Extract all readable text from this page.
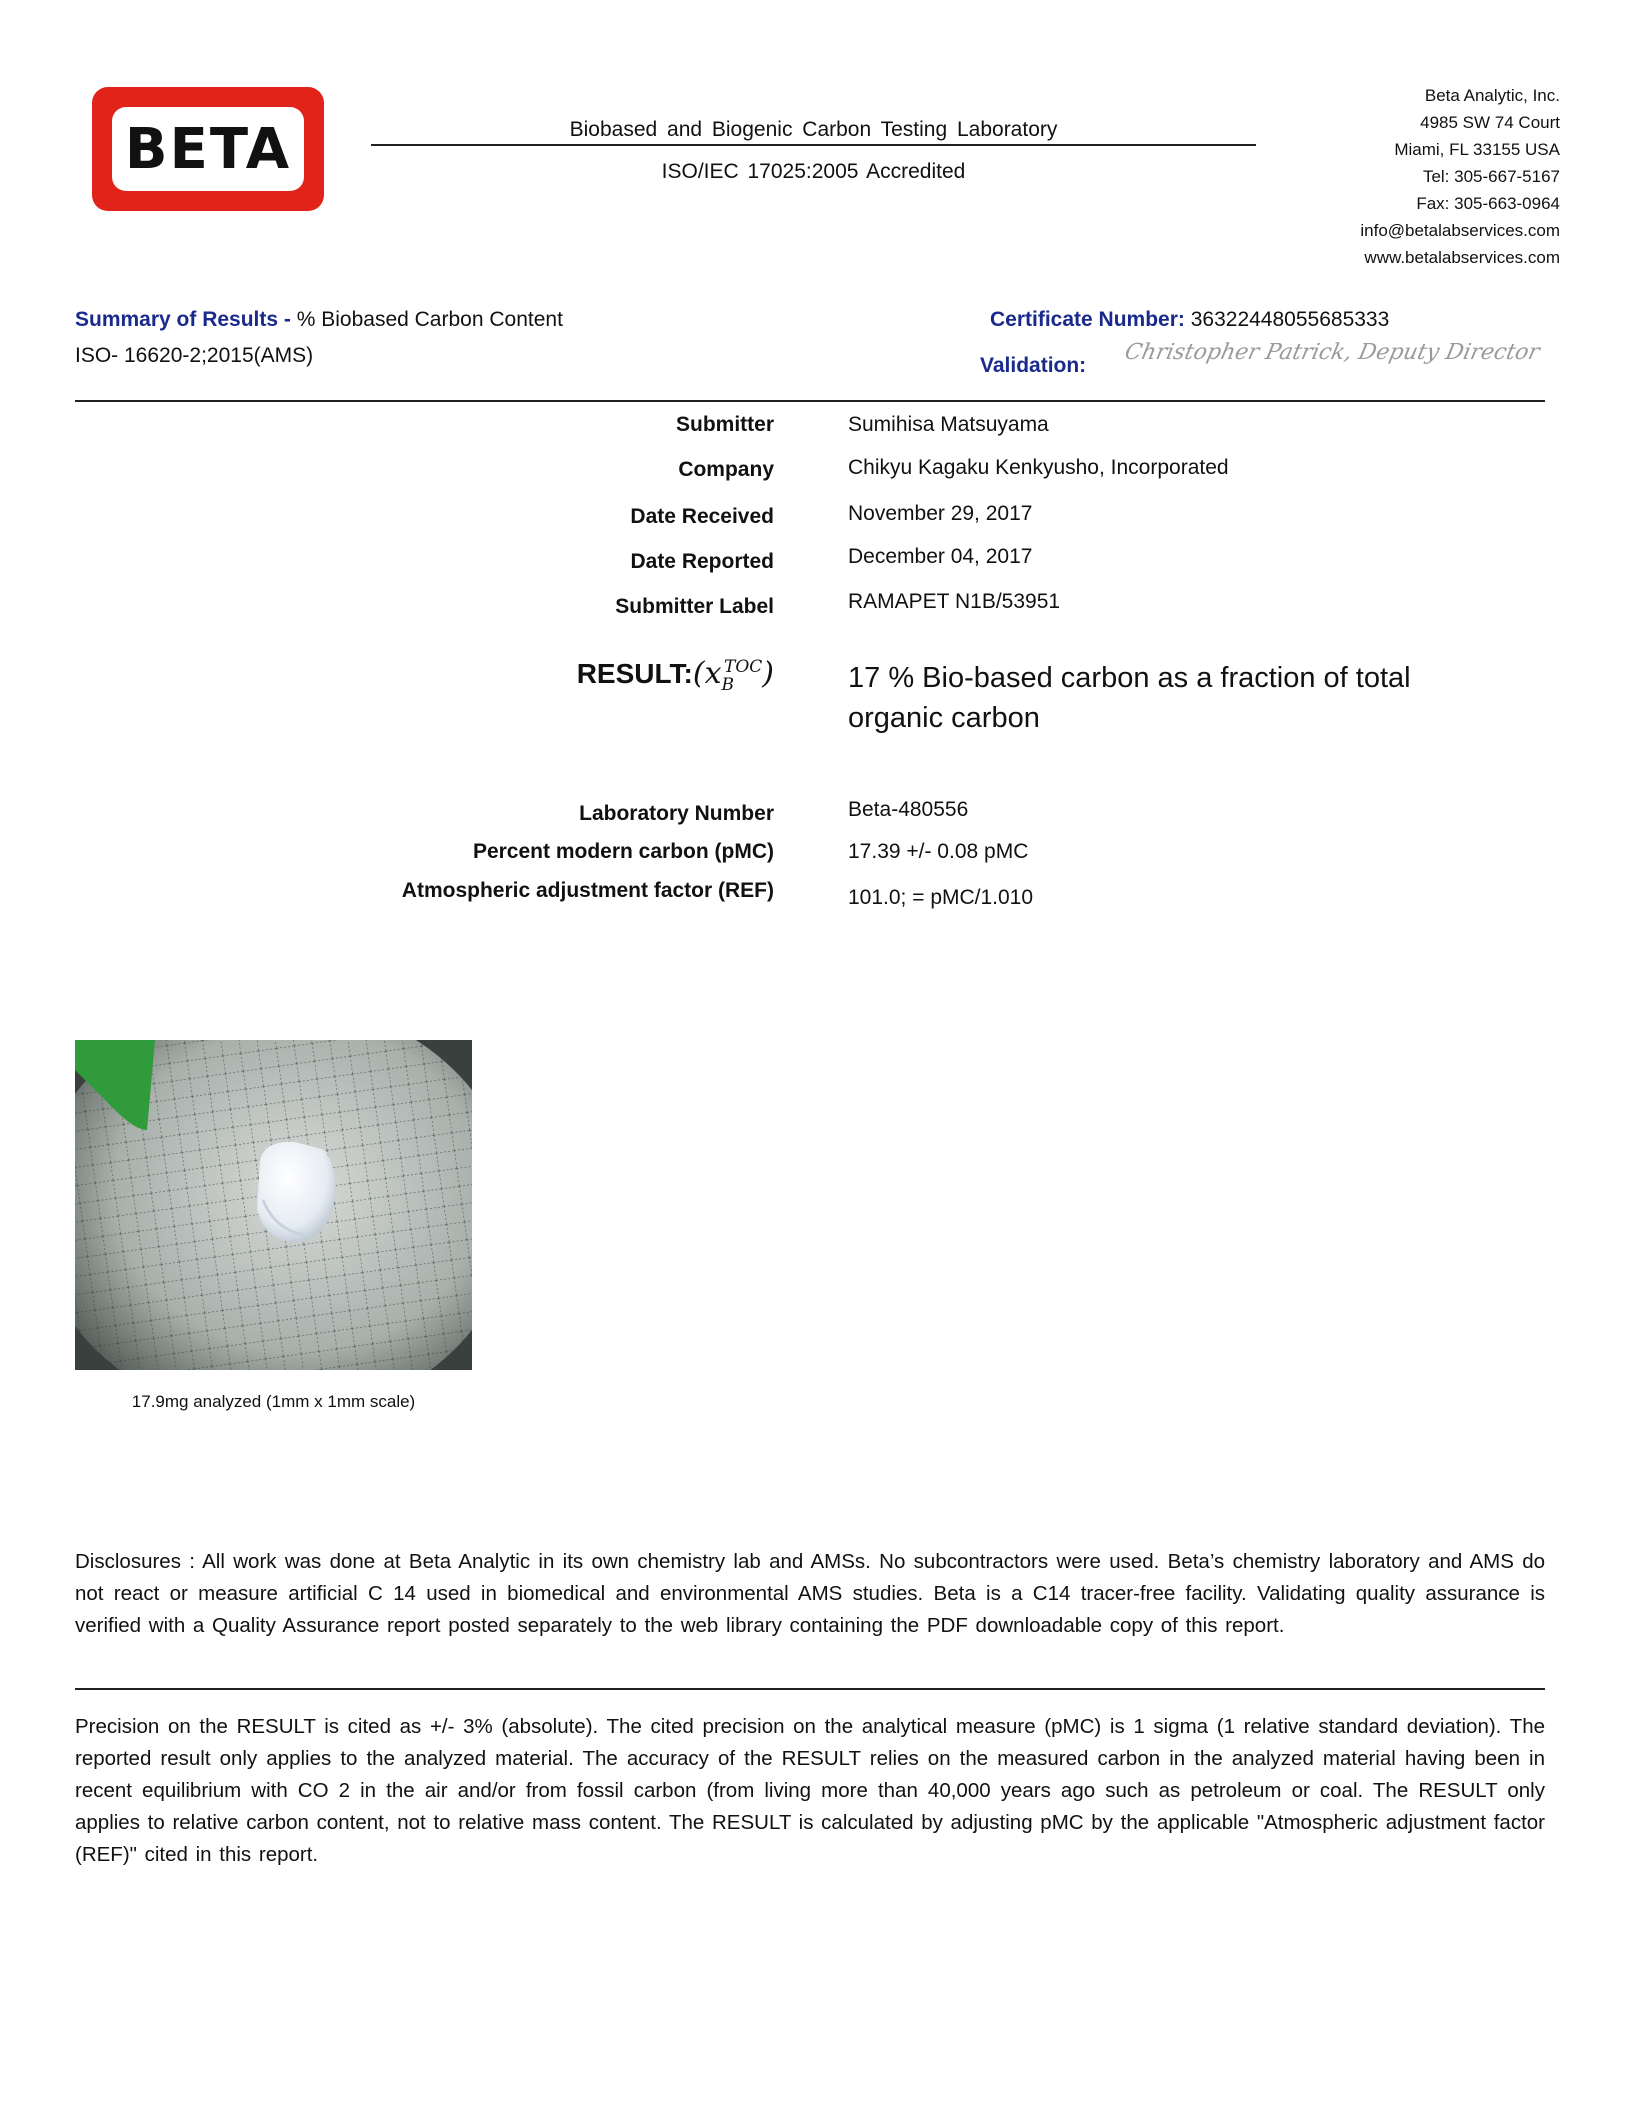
BETA	Biobased and Biogenic Carbon Testing Laboratory
ISO/IEC 17025:2005 Accredited
Beta Analytic, Inc.
4985 SW 74 Court
Miami, FL 33155 USA
Tel: 305-667-5167
Fax: 305-663-0964
info@betalabservices.com
www.betalabservices.com
Summary of Results - % Biobased Carbon Content
ISO- 16620-2;2015(AMS)
Certificate Number: 36322448055685333
Validation:
Christopher Patrick, Deputy Director
Submitter	Sumihisa Matsuyama
Company	Chikyu Kagaku Kenkyusho, Incorporated
Date Received	November 29, 2017
Date Reported	December 04, 2017
Submitter Label	RAMAPET N1B/53951
$RESULT:(x_B^{TOC})$	17 % Bio-based carbon as a fraction of total organic carbon
Laboratory Number	Beta-480556
Percent modern carbon (pMC)	17.39 +/- 0.08 pMC
Atmospheric adjustment factor (REF)	101.0; = pMC/1.010
17.9mg analyzed (1mm x 1mm scale)
Disclosures : All work was done at Beta Analytic in its own chemistry lab and AMSs. No subcontractors were used. Beta’s chemistry laboratory and AMS do not react or measure artificial C 14 used in biomedical and environmental AMS studies. Beta is a C14 tracer-free facility. Validating quality assurance is verified with a Quality Assurance report posted separately to the web library containing the PDF downloadable copy of this report.
Precision on the RESULT is cited as +/- 3% (absolute). The cited precision on the analytical measure (pMC) is 1 sigma (1 relative standard deviation). The reported result only applies to the analyzed material. The accuracy of the RESULT relies on the measured carbon in the analyzed material having been in recent equilibrium with CO 2 in the air and/or from fossil carbon (from living more than 40,000 years ago such as petroleum or coal. The RESULT only applies to relative carbon content, not to relative mass content. The RESULT is calculated by adjusting pMC by the applicable "Atmospheric adjustment factor (REF)" cited in this report.
